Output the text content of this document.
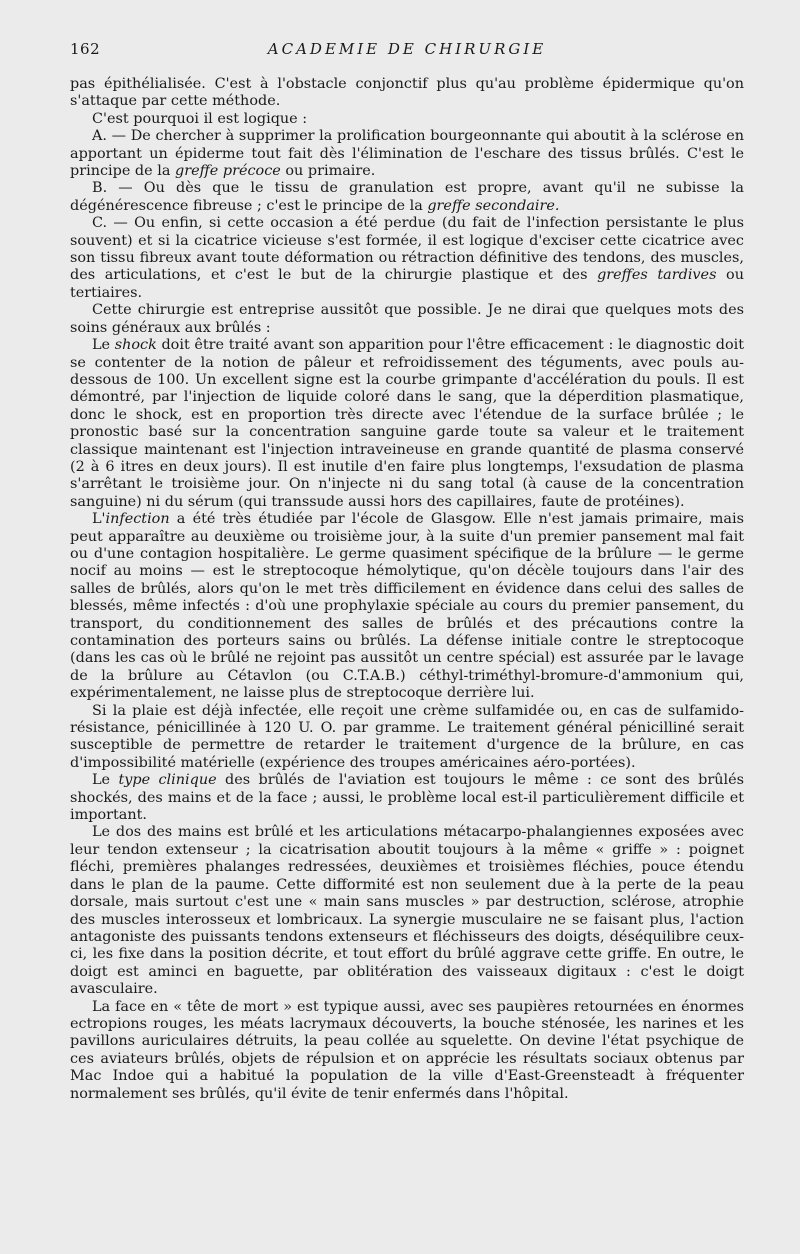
162	ACADEMIE DE CHIRURGIE

pas épithélialisée. C'est à l'obstacle conjonctif plus qu'au problème épidermique qu'on s'attaque par cette méthode.

C'est pourquoi il est logique :

A. — De chercher à supprimer la prolification bourgeonnante qui aboutit à la sclérose en apportant un épiderme tout fait dès l'élimination de l'eschare des tissus brûlés. C'est le principe de la greffe précoce ou primaire.

B. — Ou dès que le tissu de granulation est propre, avant qu'il ne subisse la dégénérescence fibreuse ; c'est le principe de la greffe secondaire.

C. — Ou enfin, si cette occasion a été perdue (du fait de l'infection persistante le plus souvent) et si la cicatrice vicieuse s'est formée, il est logique d'exciser cette cicatrice avec son tissu fibreux avant toute déformation ou rétraction définitive des tendons, des muscles, des articulations, et c'est le but de la chirurgie plastique et des greffes tardives ou tertiaires.

Cette chirurgie est entreprise aussitôt que possible. Je ne dirai que quelques mots des soins généraux aux brûlés :

Le shock doit être traité avant son apparition pour l'être efficacement : le diagnostic doit se contenter de la notion de pâleur et refroidissement des téguments, avec pouls au-dessous de 100. Un excellent signe est la courbe grimpante d'accélération du pouls. Il est démontré, par l'injection de liquide coloré dans le sang, que la déperdition plasmatique, donc le shock, est en proportion très directe avec l'étendue de la surface brûlée ; le pronostic basé sur la concentration sanguine garde toute sa valeur et le traitement classique maintenant est l'injection intraveineuse en grande quantité de plasma conservé (2 à 6 itres en deux jours). Il est inutile d'en faire plus longtemps, l'exsudation de plasma s'arrêtant le troisième jour. On n'injecte ni du sang total (à cause de la concentration sanguine) ni du sérum (qui transsude aussi hors des capillaires, faute de protéines).

L'infection a été très étudiée par l'école de Glasgow. Elle n'est jamais primaire, mais peut apparaître au deuxième ou troisième jour, à la suite d'un premier pansement mal fait ou d'une contagion hospitalière. Le germe quasiment spécifique de la brûlure — le germe nocif au moins — est le streptocoque hémolytique, qu'on décèle toujours dans l'air des salles de brûlés, alors qu'on le met très difficilement en évidence dans celui des salles de blessés, même infectés : d'où une prophylaxie spéciale au cours du premier pansement, du transport, du conditionnement des salles de brûlés et des précautions contre la contamination des porteurs sains ou brûlés. La défense initiale contre le streptocoque (dans les cas où le brûlé ne rejoint pas aussitôt un centre spécial) est assurée par le lavage de la brûlure au Cétavlon (ou C.T.A.B.) céthyl-triméthyl-bromure-d'ammonium qui, expérimentalement, ne laisse plus de streptocoque derrière lui.

Si la plaie est déjà infectée, elle reçoit une crème sulfamidée ou, en cas de sulfamido-résistance, pénicillinée à 120 U. O. par gramme. Le traitement général pénicilliné serait susceptible de permettre de retarder le traitement d'urgence de la brûlure, en cas d'impossibilité matérielle (expérience des troupes américaines aéro-portées).

Le type clinique des brûlés de l'aviation est toujours le même : ce sont des brûlés shockés, des mains et de la face ; aussi, le problème local est-il particulièrement difficile et important.

Le dos des mains est brûlé et les articulations métacarpo-phalangiennes exposées avec leur tendon extenseur ; la cicatrisation aboutit toujours à la même « griffe » : poignet fléchi, premières phalanges redressées, deuxièmes et troisièmes fléchies, pouce étendu dans le plan de la paume. Cette difformité est non seulement due à la perte de la peau dorsale, mais surtout c'est une « main sans muscles » par destruction, sclérose, atrophie des muscles interosseux et lombricaux. La synergie musculaire ne se faisant plus, l'action antagoniste des puissants tendons extenseurs et fléchisseurs des doigts, déséquilibre ceux-ci, les fixe dans la position décrite, et tout effort du brûlé aggrave cette griffe. En outre, le doigt est aminci en baguette, par oblitération des vaisseaux digitaux : c'est le doigt avasculaire.

La face en « tête de mort » est typique aussi, avec ses paupières retournées en énormes ectropions rouges, les méats lacrymaux découverts, la bouche sténosée, les narines et les pavillons auriculaires détruits, la peau collée au squelette. On devine l'état psychique de ces aviateurs brûlés, objets de répulsion et on apprécie les résultats sociaux obtenus par Mac Indoe qui a habitué la population de la ville d'East-Greensteadt à fréquenter normalement ses brûlés, qu'il évite de tenir enfermés dans l'hôpital.
